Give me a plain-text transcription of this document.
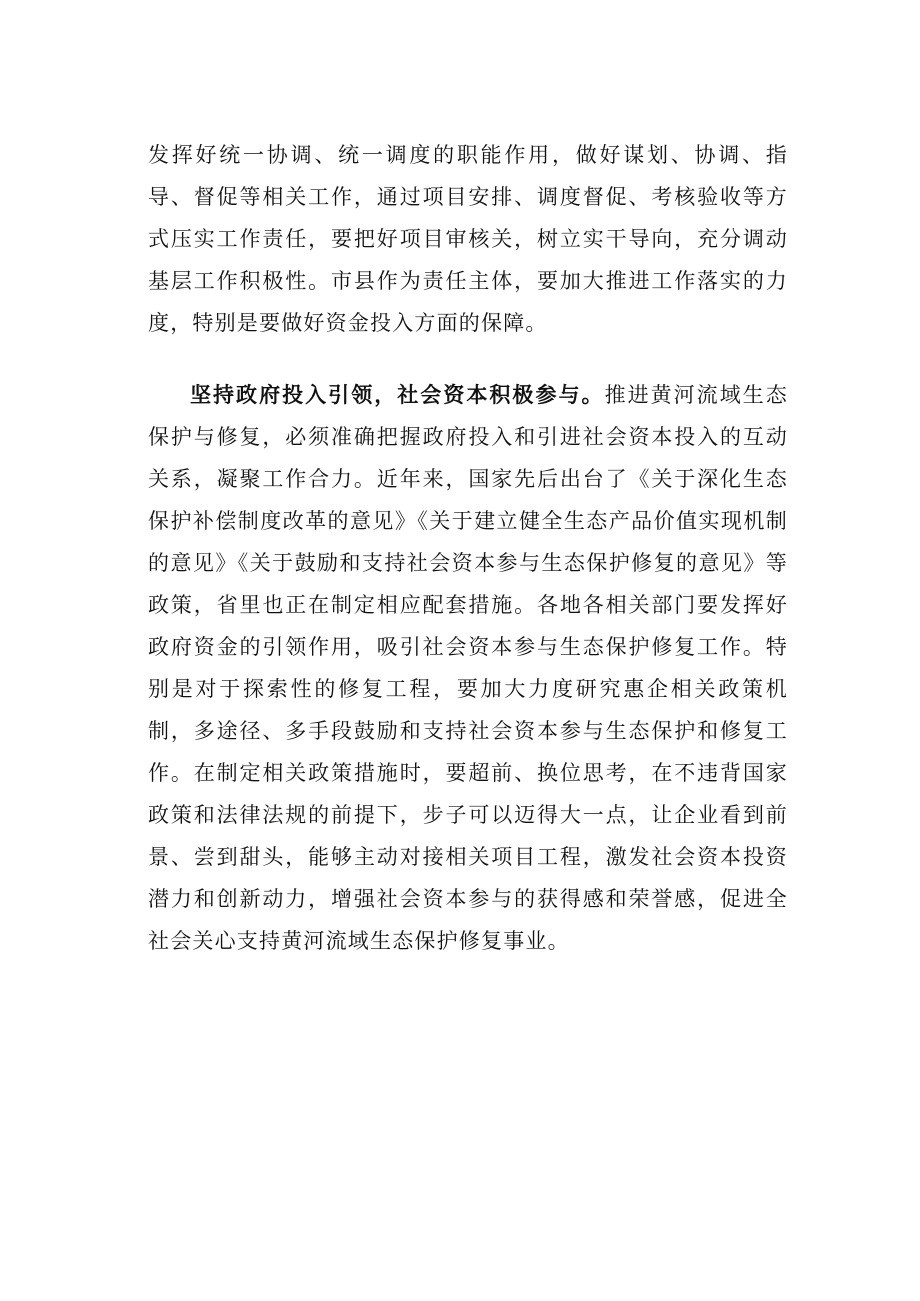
发挥好统一协调、统一调度的职能作用，做好谋划、协调、指导、督促等相关工作，通过项目安排、调度督促、考核验收等方式压实工作责任，要把好项目审核关，树立实干导向，充分调动基层工作积极性。市县作为责任主体，要加大推进工作落实的力度，特别是要做好资金投入方面的保障。

坚持政府投入引领，社会资本积极参与。推进黄河流域生态保护与修复，必须准确把握政府投入和引进社会资本投入的互动关系，凝聚工作合力。近年来，国家先后出台了《关于深化生态保护补偿制度改革的意见》《关于建立健全生态产品价值实现机制的意见》《关于鼓励和支持社会资本参与生态保护修复的意见》等政策，省里也正在制定相应配套措施。各地各相关部门要发挥好政府资金的引领作用，吸引社会资本参与生态保护修复工作。特别是对于探索性的修复工程，要加大力度研究惠企相关政策机制，多途径、多手段鼓励和支持社会资本参与生态保护和修复工作。在制定相关政策措施时，要超前、换位思考，在不违背国家政策和法律法规的前提下，步子可以迈得大一点，让企业看到前景、尝到甜头，能够主动对接相关项目工程，激发社会资本投资潜力和创新动力，增强社会资本参与的获得感和荣誉感，促进全社会关心支持黄河流域生态保护修复事业。
